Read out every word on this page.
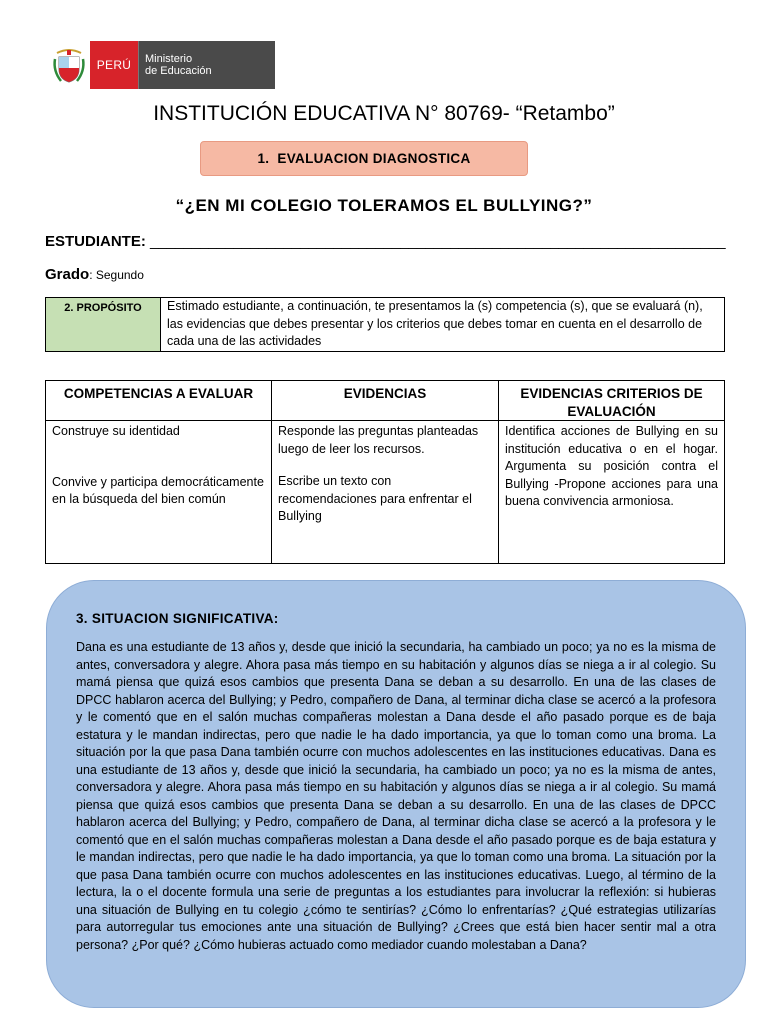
PERÚ	Ministerio
de Educación
INSTITUCIÓN EDUCATIVA N° 80769- “Retambo”
1.  EVALUACION DIAGNOSTICA
“¿EN MI COLEGIO TOLERAMOS EL BULLYING?”
ESTUDIANTE: _____________________________________________________________________
Grado: Segundo
2. PROPÓSITO	Estimado estudiante, a continuación, te presentamos la (s) competencia (s), que se evaluará (n), las evidencias que debes presentar y los criterios que debes tomar en cuenta en el desarrollo de cada una de las actividades
COMPETENCIAS A EVALUAR
Construye su identidad
Convive y participa democráticamente en la búsqueda del bien común
EVIDENCIAS
Responde las preguntas planteadas luego de leer los recursos.
Escribe un texto con recomendaciones para enfrentar el Bullying
EVIDENCIAS CRITERIOS DE EVALUACIÓN
Identifica acciones de Bullying en su institución educativa o en el hogar. Argumenta su posición contra el Bullying -Propone acciones para una buena convivencia armoniosa.
3. SITUACION SIGNIFICATIVA:

Dana es una estudiante de 13 años y, desde que inició la secundaria, ha cambiado un poco; ya no es la misma de antes, conversadora y alegre. Ahora pasa más tiempo en su habitación y algunos días se niega a ir al colegio. Su mamá piensa que quizá esos cambios que presenta Dana se deban a su desarrollo. En una de las clases de DPCC hablaron acerca del Bullying; y Pedro, compañero de Dana, al terminar dicha clase se acercó a la profesora y le comentó que en el salón muchas compañeras molestan a Dana desde el año pasado porque es de baja estatura y le mandan indirectas, pero que nadie le ha dado importancia, ya que lo toman como una broma. La situación por la que pasa Dana también ocurre con muchos adolescentes en las instituciones educativas. Dana es una estudiante de 13 años y, desde que inició la secundaria, ha cambiado un poco; ya no es la misma de antes, conversadora y alegre. Ahora pasa más tiempo en su habitación y algunos días se niega a ir al colegio. Su mamá piensa que quizá esos cambios que presenta Dana se deban a su desarrollo. En una de las clases de DPCC hablaron acerca del Bullying; y Pedro, compañero de Dana, al terminar dicha clase se acercó a la profesora y le comentó que en el salón muchas compañeras molestan a Dana desde el año pasado porque es de baja estatura y le mandan indirectas, pero que nadie le ha dado importancia, ya que lo toman como una broma. La situación por la que pasa Dana también ocurre con muchos adolescentes en las instituciones educativas. Luego, al término de la lectura, la o el docente formula una serie de preguntas a los estudiantes para involucrar la reflexión: si hubieras una situación de Bullying en tu colegio ¿cómo te sentirías? ¿Cómo lo enfrentarías? ¿Qué estrategias utilizarías para autorregular tus emociones ante una situación de Bullying? ¿Crees que está bien hacer sentir mal a otra persona? ¿Por qué? ¿Cómo hubieras actuado como mediador cuando molestaban a Dana?
